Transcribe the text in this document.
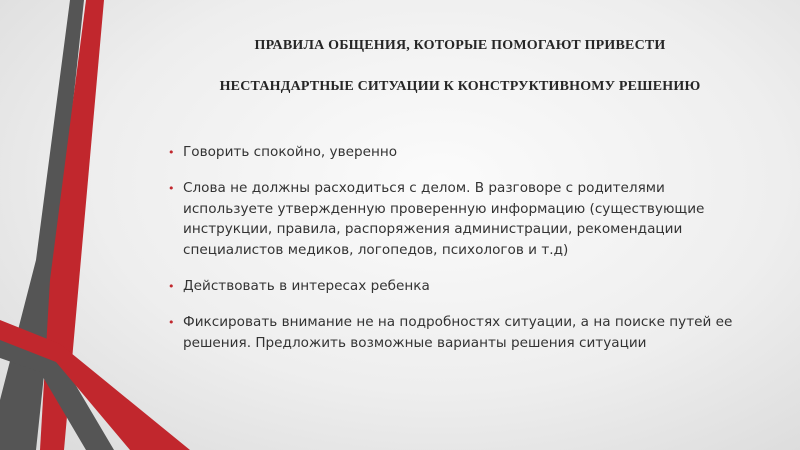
ПРАВИЛА ОБЩЕНИЯ, КОТОРЫЕ ПОМОГАЮТ ПРИВЕСТИ
НЕСТАНДАРТНЫЕ СИТУАЦИИ К КОНСТРУКТИВНОМУ РЕШЕНИЮ
• Говорить спокойно, уверенно
• Слова не должны расходиться с делом. В разговоре с родителями используете утвержденную проверенную информацию (существующие инструкции, правила, распоряжения администрации, рекомендации специалистов медиков, логопедов, психологов и т.д)
• Действовать в интересах ребенка
• Фиксировать внимание не на подробностях ситуации, а на поиске путей ее решения. Предложить возможные варианты решения ситуации
